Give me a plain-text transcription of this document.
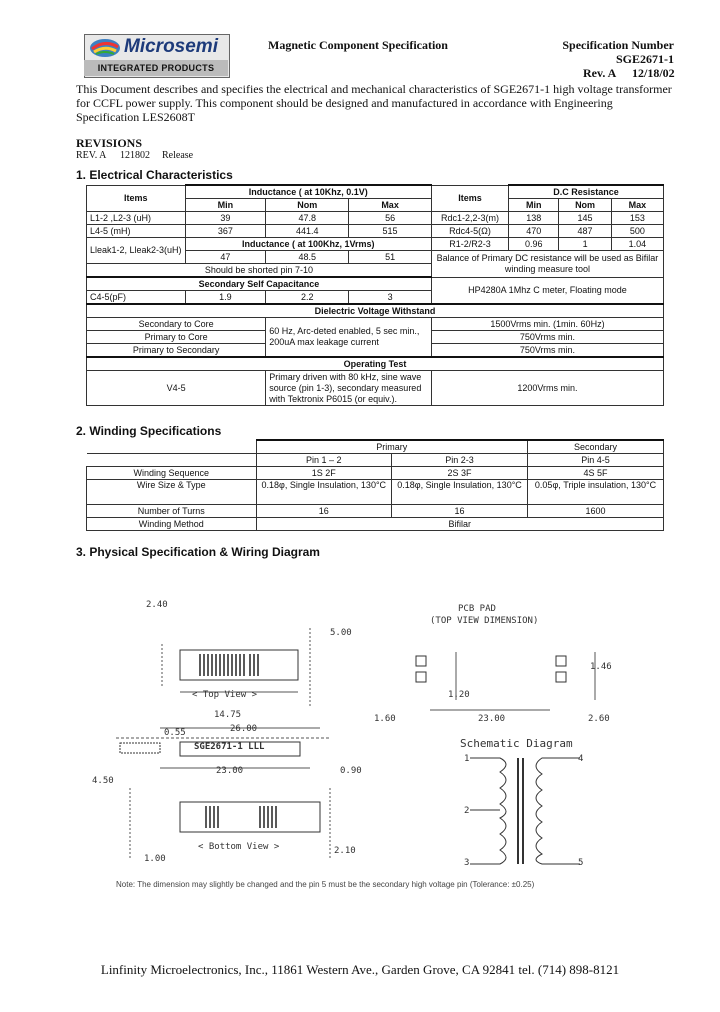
Microsemi
INTEGRATED PRODUCTS
Magnetic Component Specification	Specification Number
SGE2671-1
Rev. A 12/18/02
This Document describes and specifies the electrical and mechanical characteristics of SGE2671-1 high voltage transformer for CCFL power supply. This component should be designed and manufactured in accordance with Engineering Specification LES2608T
REVISIONS
REV. A 121802 Release
1. Electrical Characteristics
Items	Inductance ( at 10Khz, 0.1V)			Items	D.C Resistance		
	Min	Nom	Max		Min	Nom	Max
L1-2 ,L2-3 (uH)	39	47.8	56	Rdc1-2,2-3(m)	138	145	153
L4-5 (mH)	367	441.4	515	Rdc4-5(Ω)	470	487	500
Lleak1-2, Lleak2-3(uH)	Inductance ( at 100Khz, 1Vrms)			R1-2/R2-3	0.96	1	1.04
	47	48.5	51	Balance of Primary DC resistance will be used as Bifilar winding measure tool			
Should be shorted pin 7-10							
Secondary Self Capacitance				HP4280A 1Mhz C meter, Floating mode			
C4-5(pF)	1.9	2.2	3				
Dielectric Voltage Withstand							
Secondary to Core		60 Hz, Arc-deted enabled, 5 sec min., 200uA max leakage current		1500Vrms min. (1min. 60Hz)			
Primary to Core				750Vrms min.			
Primary to Secondary				750Vrms min.			
Operating Test							
V4-5		Primary driven with 80 kHz, sine wave source (pin 1-3), secondary measured with Tektronix P6015 (or equiv.).		1200Vrms min.			
2. Winding Specifications
	Primary		Secondary
	Pin 1 – 2	Pin 2-3	Pin 4-5
Winding Sequence	1S 2F	2S 3F	4S 5F
Wire Size & Type	0.18φ, Single Insulation, 130°C	0.18φ, Single Insulation, 130°C	0.05φ, Triple insulation, 130°C
Number of Turns	16	16	1600
Winding Method	Bifilar		
3. Physical Specification & Wiring Diagram
< Top View >
14.75
26.00
SGE2671-1 LLL
23.00	0.90
0.55
< Bottom View >
5.00
4.50
2.40
1.00
2.10
PCB PAD
(TOP VIEW DIMENSION)
1.60	23.00	2.60
1.20
1.46
Schematic Diagram
1
2
3
4
5
Note: The dimension may slightly be changed and the pin 5 must be the secondary high voltage pin (Tolerance: ±0.25)
Linfinity Microelectronics, Inc., 11861 Western Ave., Garden Grove, CA 92841 tel. (714) 898-8121
